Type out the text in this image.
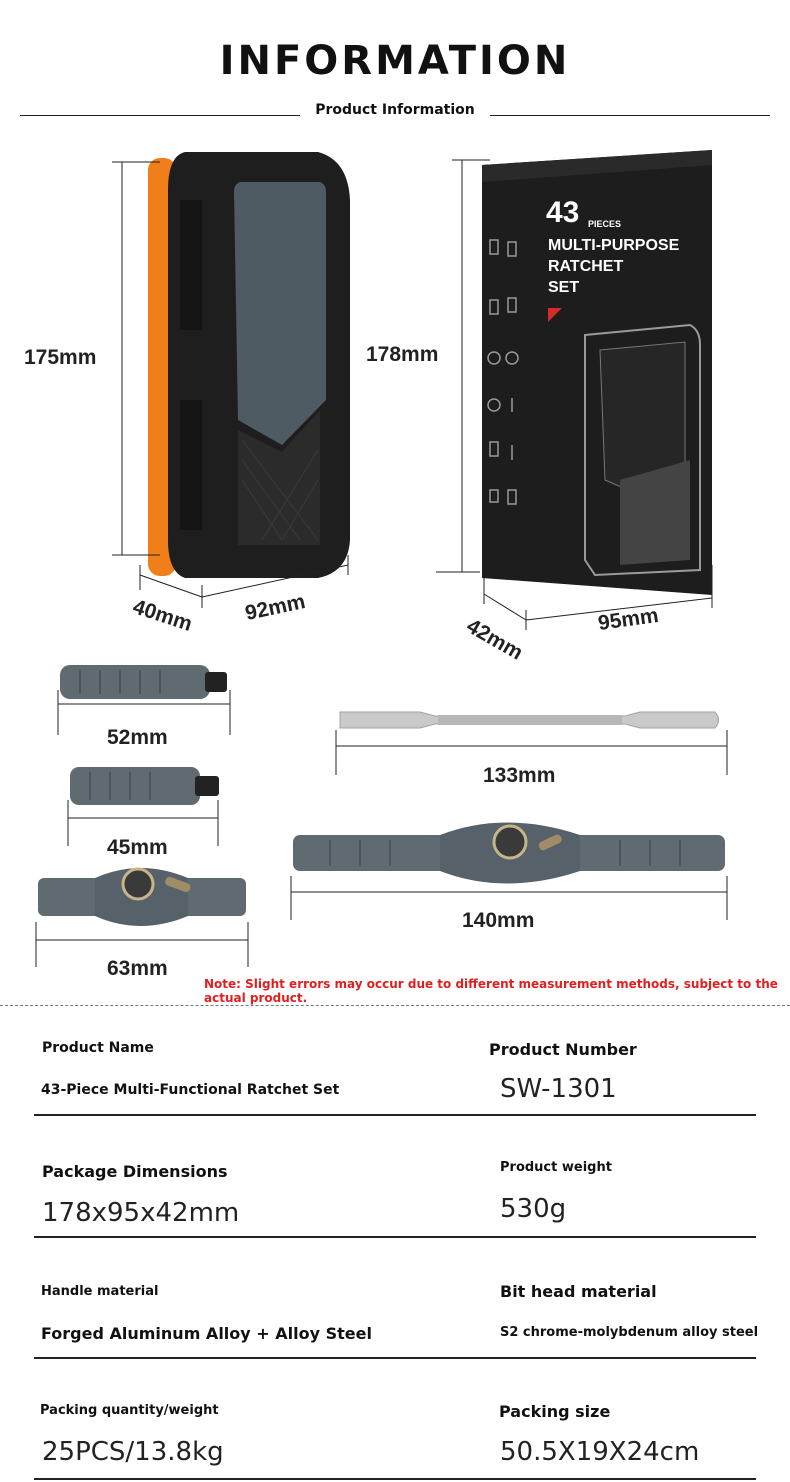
INFORMATION
Product Information
43 PIECES
MULTI-PURPOSE
RATCHET
SET
175mm
40mm 92mm
178mm
42mm	95mm
52mm
45mm
63mm
133mm
140mm
Note: Slight errors may occur due to different measurement methods, subject to the actual product.
Product Name	Product Number
43-Piece Multi-Functional Ratchet Set	SW-1301
Package Dimensions	Product weight
178x95x42mm	530g
Handle material	Bit head material
Forged Aluminum Alloy + Alloy Steel	S2 chrome-molybdenum alloy steel
Packing quantity/weight	Packing size
25PCS/13.8kg	50.5X19X24cm
